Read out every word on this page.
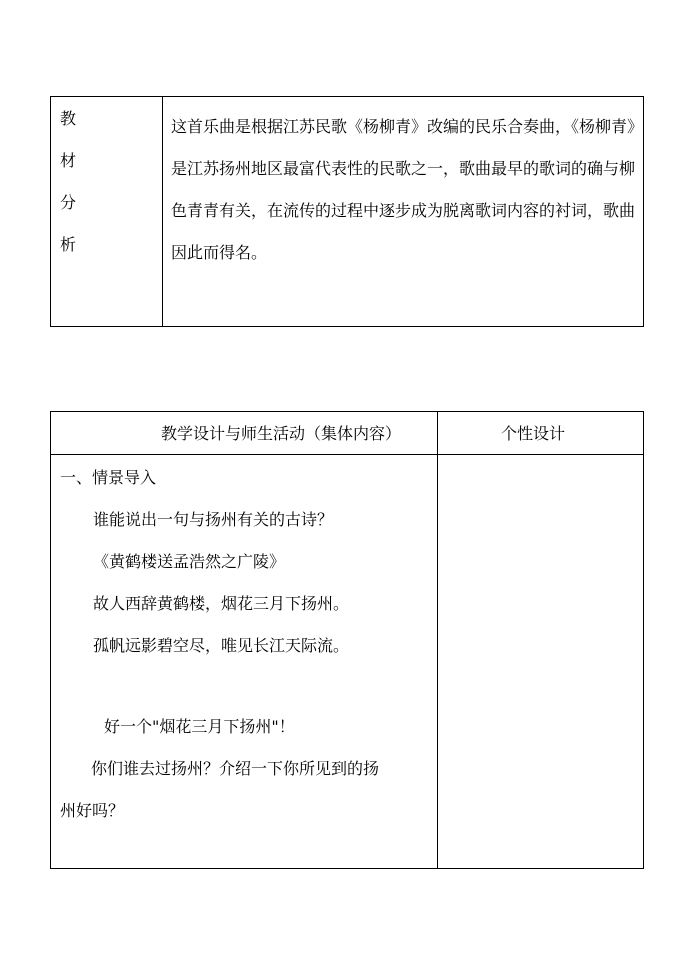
教
材
分
析
这首乐曲是根据江苏民歌《杨柳青》改编的民乐合奏曲，《杨柳青》是江苏扬州地区最富代表性的民歌之一，歌曲最早的歌词的确与柳色青青有关，在流传的过程中逐步成为脱离歌词内容的衬词，歌曲因此而得名。
教学设计与师生活动（集体内容）	个性设计
一、情景导入
谁能说出一句与扬州有关的古诗？
《黄鹤楼送孟浩然之广陵》
故人西辞黄鹤楼，烟花三月下扬州。
孤帆远影碧空尽，唯见长江天际流。
好一个"烟花三月下扬州"！
你们谁去过扬州？介绍一下你所见到的扬
州好吗？
